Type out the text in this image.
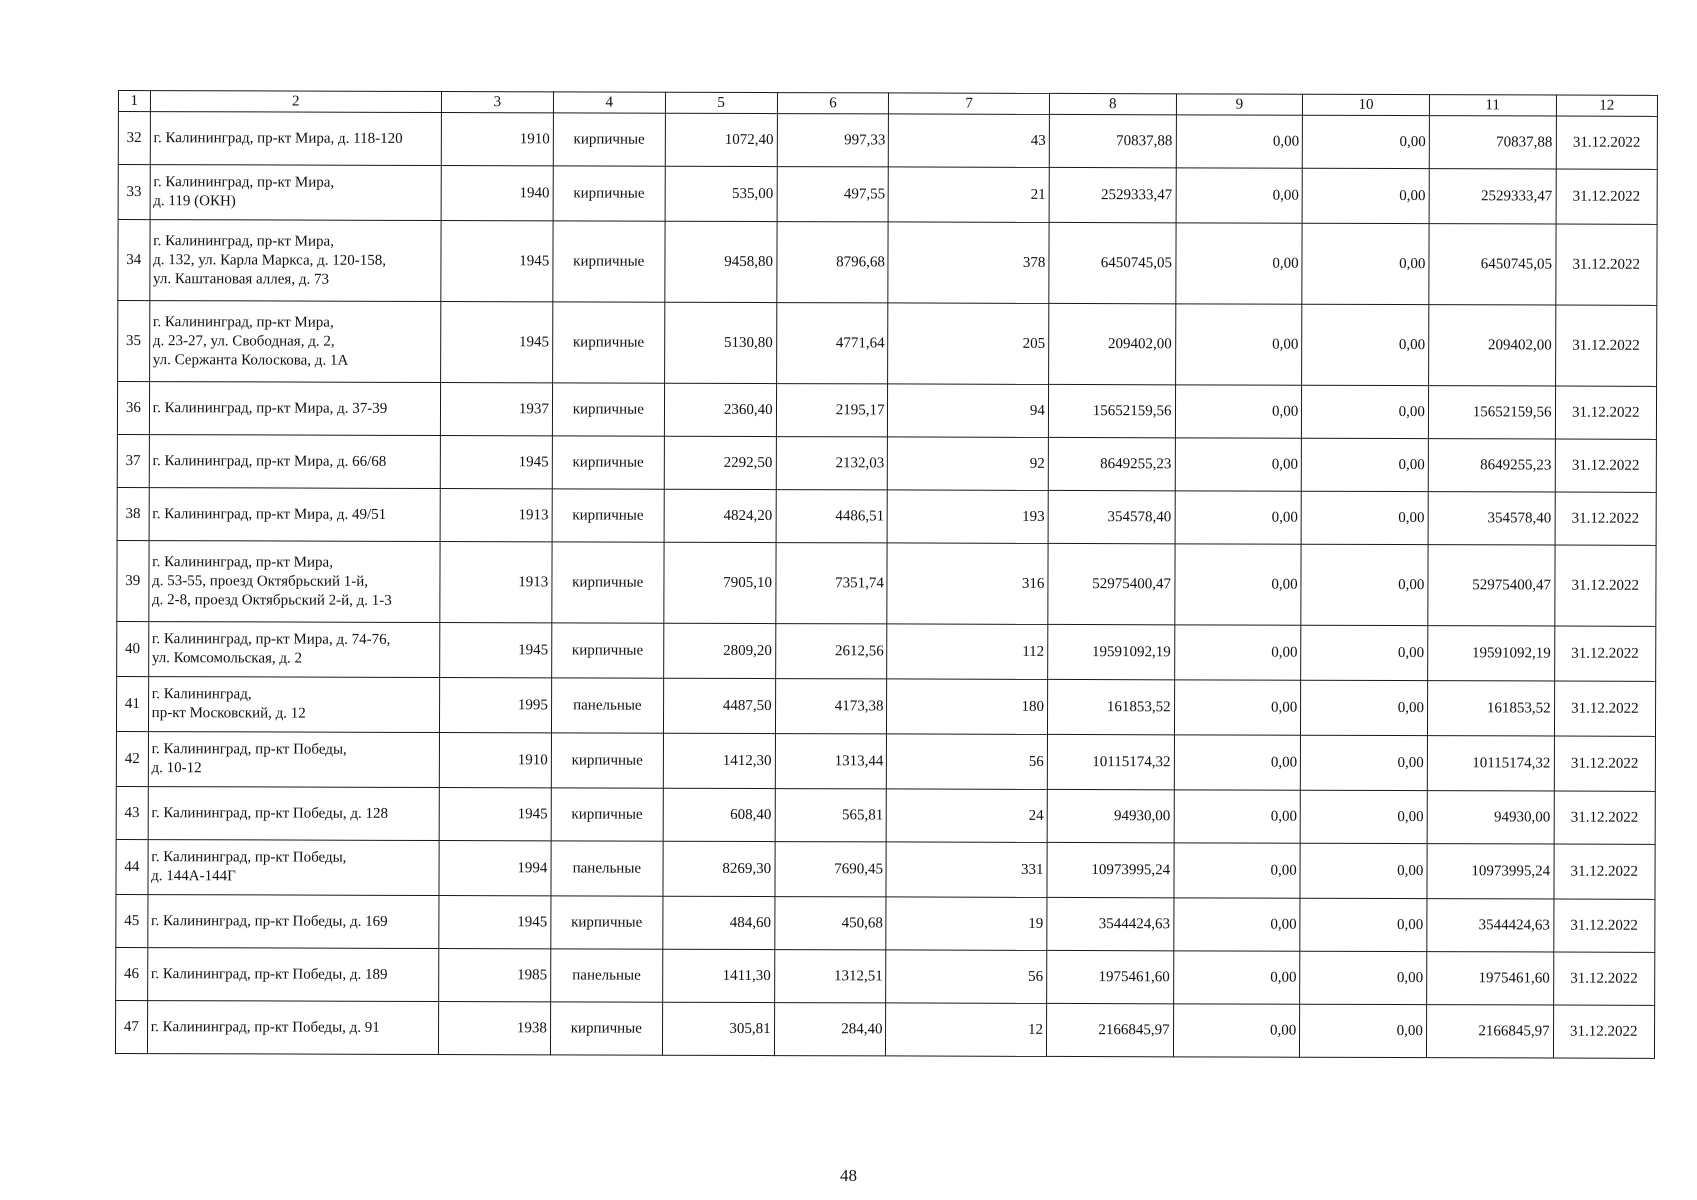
1	2	3	4	5	6	7	8	9	10	11	12
32	г. Калининград, пр-кт Мира, д. 118-120	1910	кирпичные	1072,40	997,33	43	70837,88	0,00	0,00	70837,88	31.12.2022
33	г. Калининград, пр-кт Мира,
д. 119 (ОКН)	1940	кирпичные	535,00	497,55	21	2529333,47	0,00	0,00	2529333,47	31.12.2022
34	г. Калининград, пр-кт Мира,
д. 132, ул. Карла Маркса, д. 120-158,
ул. Каштановая аллея, д. 73	1945	кирпичные	9458,80	8796,68	378	6450745,05	0,00	0,00	6450745,05	31.12.2022
35	г. Калининград, пр-кт Мира,
д. 23-27, ул. Свободная, д. 2,
ул. Сержанта Колоскова, д. 1А	1945	кирпичные	5130,80	4771,64	205	209402,00	0,00	0,00	209402,00	31.12.2022
36	г. Калининград, пр-кт Мира, д. 37-39	1937	кирпичные	2360,40	2195,17	94	15652159,56	0,00	0,00	15652159,56	31.12.2022
37	г. Калининград, пр-кт Мира, д. 66/68	1945	кирпичные	2292,50	2132,03	92	8649255,23	0,00	0,00	8649255,23	31.12.2022
38	г. Калининград, пр-кт Мира, д. 49/51	1913	кирпичные	4824,20	4486,51	193	354578,40	0,00	0,00	354578,40	31.12.2022
39	г. Калининград, пр-кт Мира,
д. 53-55, проезд Октябрьский 1-й,
д. 2-8, проезд Октябрьский 2-й, д. 1-3	1913	кирпичные	7905,10	7351,74	316	52975400,47	0,00	0,00	52975400,47	31.12.2022
40	г. Калининград, пр-кт Мира, д. 74-76,
ул. Комсомольская, д. 2	1945	кирпичные	2809,20	2612,56	112	19591092,19	0,00	0,00	19591092,19	31.12.2022
41	г. Калининград,
пр-кт Московский, д. 12	1995	панельные	4487,50	4173,38	180	161853,52	0,00	0,00	161853,52	31.12.2022
42	г. Калининград, пр-кт Победы,
д. 10-12	1910	кирпичные	1412,30	1313,44	56	10115174,32	0,00	0,00	10115174,32	31.12.2022
43	г. Калининград, пр-кт Победы, д. 128	1945	кирпичные	608,40	565,81	24	94930,00	0,00	0,00	94930,00	31.12.2022
44	г. Калининград, пр-кт Победы,
д. 144А-144Г	1994	панельные	8269,30	7690,45	331	10973995,24	0,00	0,00	10973995,24	31.12.2022
45	г. Калининград, пр-кт Победы, д. 169	1945	кирпичные	484,60	450,68	19	3544424,63	0,00	0,00	3544424,63	31.12.2022
46	г. Калининград, пр-кт Победы, д. 189	1985	панельные	1411,30	1312,51	56	1975461,60	0,00	0,00	1975461,60	31.12.2022
47	г. Калининград, пр-кт Победы, д. 91	1938	кирпичные	305,81	284,40	12	2166845,97	0,00	0,00	2166845,97	31.12.2022
48
